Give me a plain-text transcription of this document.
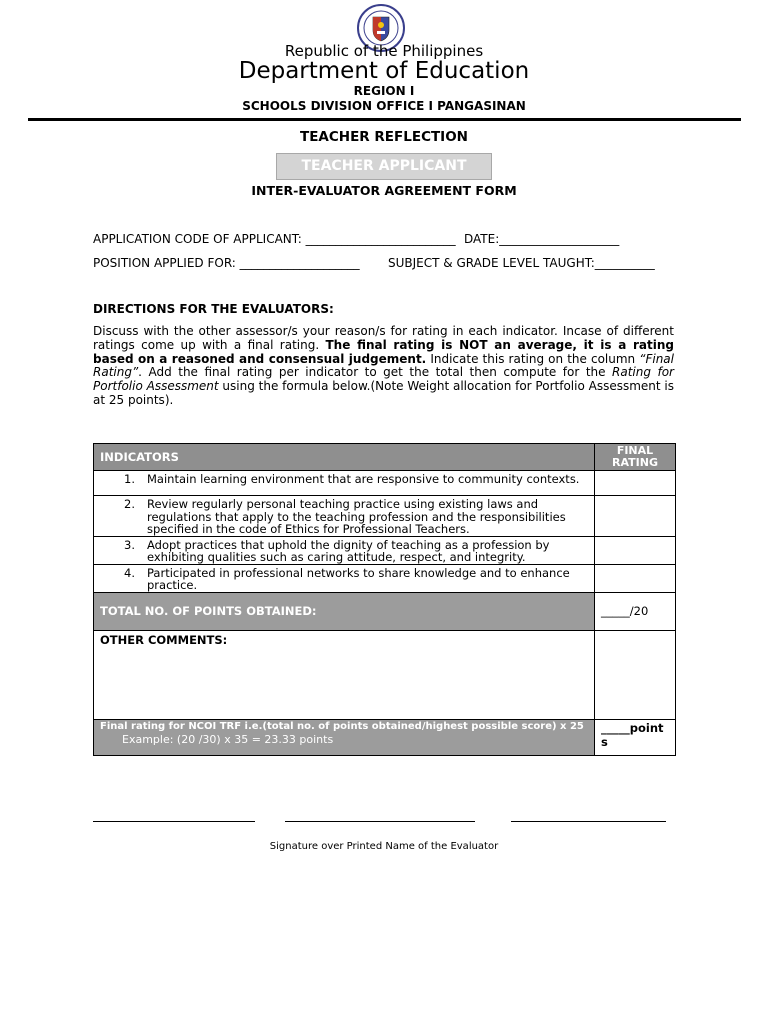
Republic of the Philippines
Department of Education
REGION I
SCHOOLS DIVISION OFFICE I PANGASINAN
TEACHER REFLECTION
TEACHER APPLICANT
INTER-EVALUATOR AGREEMENT FORM
APPLICATION CODE OF APPLICANT: _________________________ DATE:____________________
POSITION APPLIED FOR: ____________________ SUBJECT & GRADE LEVEL TAUGHT:__________
DIRECTIONS FOR THE EVALUATORS:
Discuss with the other assessor/s your reason/s for rating in each indicator. Incase of different ratings come up with a final rating. The final rating is NOT an average, it is a rating based on a reasoned and consensual judgement. Indicate this rating on the column “Final Rating”. Add the final rating per indicator to get the total then compute for the Rating for Portfolio Assessment using the formula below.(Note Weight allocation for Portfolio Assessment is at 25 points).
INDICATORS	FINAL RATING

1. Maintain learning environment that are responsive to community contexts.	

2. Review regularly personal teaching practice using existing laws and regulations that apply to the teaching profession and the responsibilities specified in the code of Ethics for Professional Teachers.	

3. Adopt practices that uphold the dignity of teaching as a profession by exhibiting qualities such as caring attitude, respect, and integrity.	

4. Participated in professional networks to share knowledge and to enhance practice.	

TOTAL NO. OF POINTS OBTAINED:	_____/20
OTHER COMMENTS:	

Final rating for NCOI TRF i.e.(total no. of points obtained/highest possible score) x 25
Example: (20 /30) x 35 = 23.33 points	_____points
Signature over Printed Name of the Evaluator
